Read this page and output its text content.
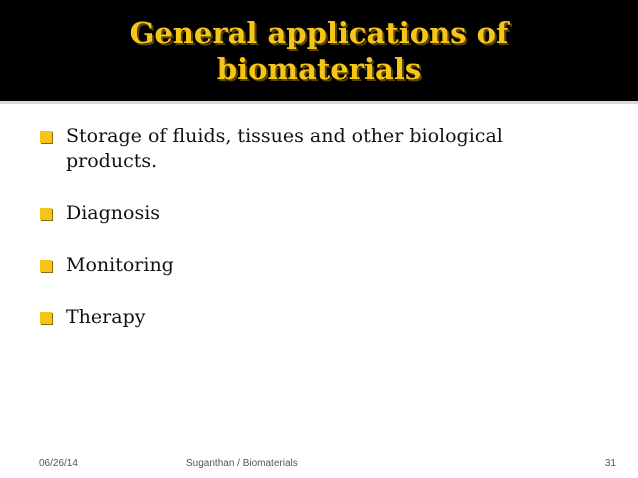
General applications of
biomaterials
Storage of fluids, tissues and other biological products.
Diagnosis
Monitoring
Therapy
06/26/14	Suganthan / Biomaterials	31
